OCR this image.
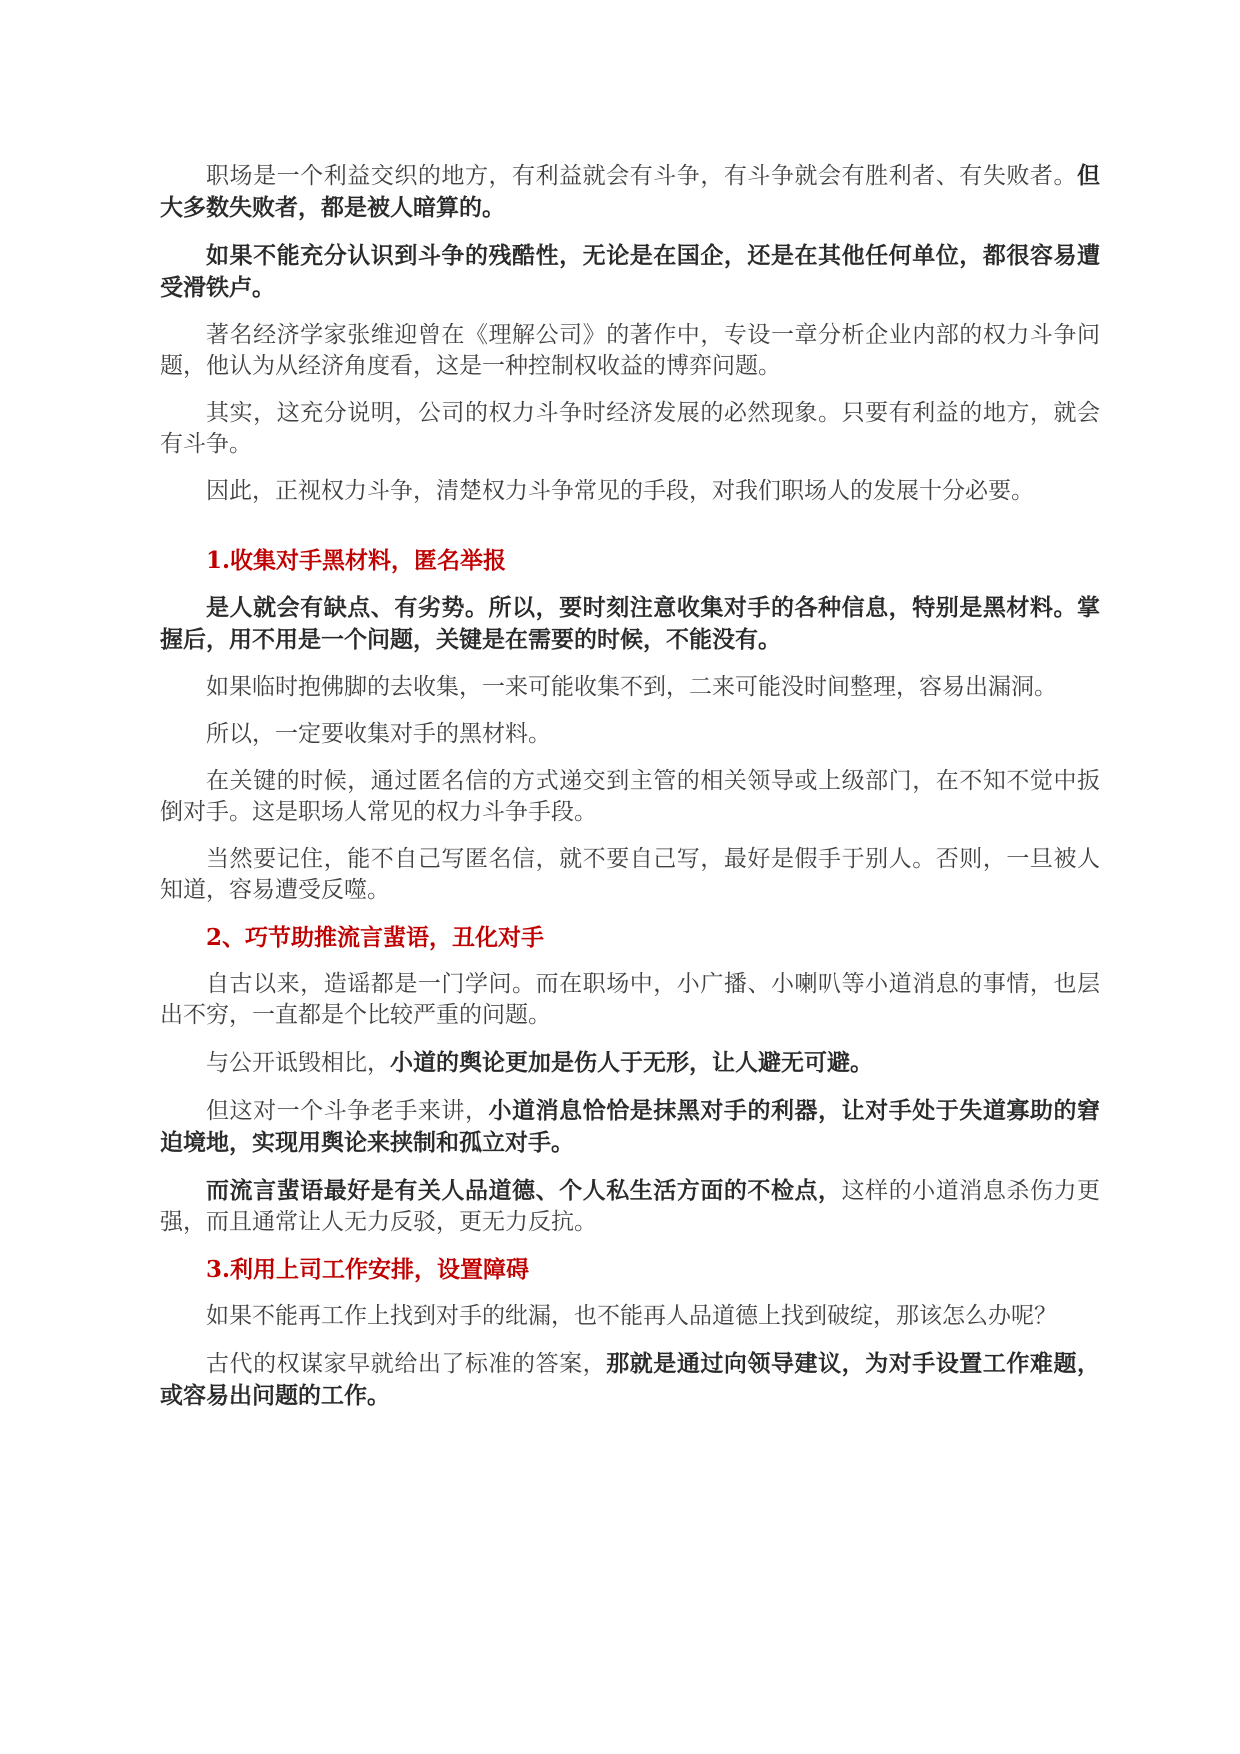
职场是一个利益交织的地方，有利益就会有斗争，有斗争就会有胜利者、有失败者。但大多数失败者，都是被人暗算的。

如果不能充分认识到斗争的残酷性，无论是在国企，还是在其他任何单位，都很容易遭受滑铁卢。

著名经济学家张维迎曾在《理解公司》的著作中，专设一章分析企业内部的权力斗争问题，他认为从经济角度看，这是一种控制权收益的博弈问题。

其实，这充分说明，公司的权力斗争时经济发展的必然现象。只要有利益的地方，就会有斗争。

因此，正视权力斗争，清楚权力斗争常见的手段，对我们职场人的发展十分必要。

1.收集对手黑材料，匿名举报

是人就会有缺点、有劣势。所以，要时刻注意收集对手的各种信息，特别是黑材料。掌握后，用不用是一个问题，关键是在需要的时候，不能没有。

如果临时抱佛脚的去收集，一来可能收集不到，二来可能没时间整理，容易出漏洞。

所以，一定要收集对手的黑材料。

在关键的时候，通过匿名信的方式递交到主管的相关领导或上级部门，在不知不觉中扳倒对手。这是职场人常见的权力斗争手段。

当然要记住，能不自己写匿名信，就不要自己写，最好是假手于别人。否则，一旦被人知道，容易遭受反噬。

2、巧节助推流言蜚语，丑化对手

自古以来，造谣都是一门学问。而在职场中，小广播、小喇叭等小道消息的事情，也层出不穷，一直都是个比较严重的问题。

与公开诋毁相比，小道的舆论更加是伤人于无形，让人避无可避。

但这对一个斗争老手来讲，小道消息恰恰是抹黑对手的利器，让对手处于失道寡助的窘迫境地，实现用舆论来挟制和孤立对手。

而流言蜚语最好是有关人品道德、个人私生活方面的不检点，这样的小道消息杀伤力更强，而且通常让人无力反驳，更无力反抗。

3.利用上司工作安排，设置障碍

如果不能再工作上找到对手的纰漏，也不能再人品道德上找到破绽，那该怎么办呢？

古代的权谋家早就给出了标准的答案，那就是通过向领导建议，为对手设置工作难题，或容易出问题的工作。
